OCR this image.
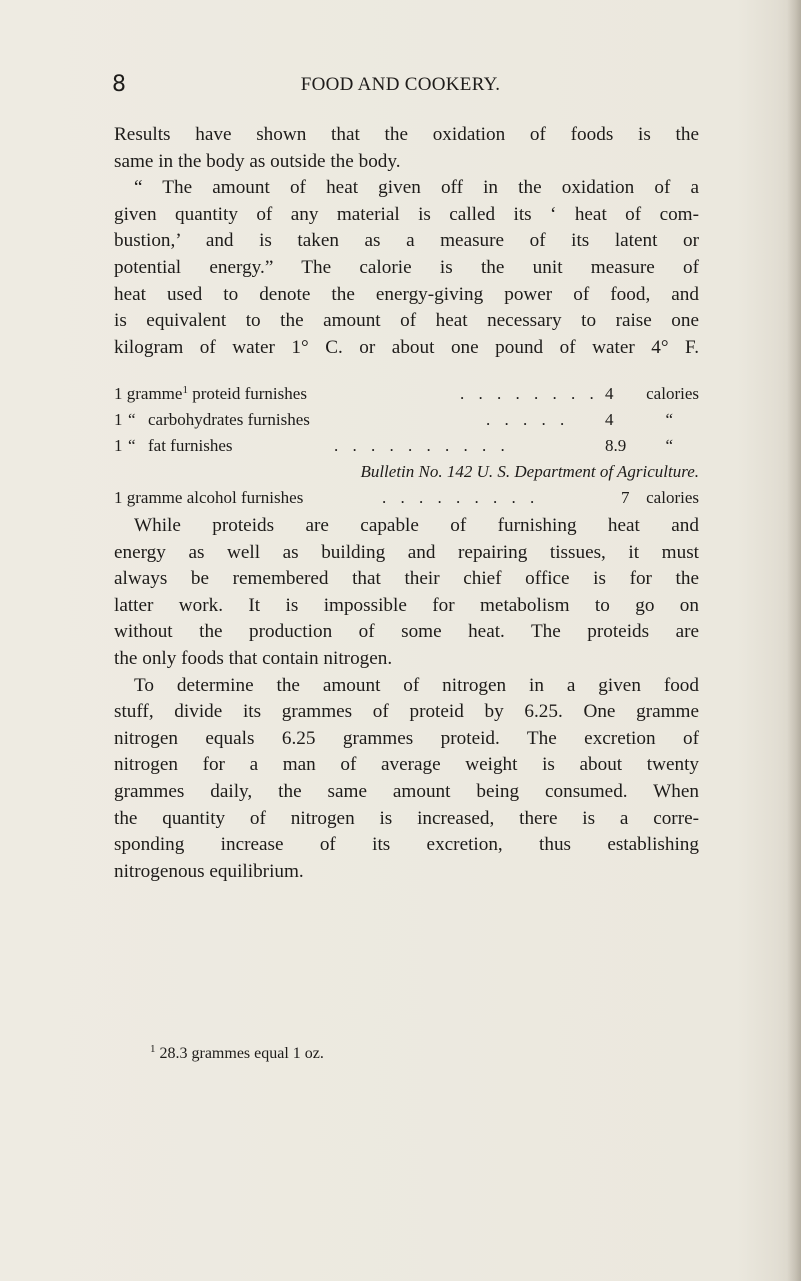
8	FOOD AND COOKERY.
Results have shown that the oxidation of foods is the
same in the body as outside the body.
“ The amount of heat given off in the oxidation of a
given quantity of any material is called its ‘ heat of com-
bustion,’ and is taken as a measure of its latent or
potential energy.” The calorie is the unit measure of
heat used to denote the energy-giving power of food, and
is equivalent to the amount of heat necessary to raise one
kilogram of water 1° C. or about one pound of water 4° F.
1 gramme$^1$ proteid furnishes	. . . . . . . . 4 calories
1 “ carbohydrates furnishes	. . . . . 4	“
1 “ fat furnishes	. . . . . . . . . .	8.9 “
Bulletin No. 142 U. S. Department of Agriculture.
1 gramme alcohol furnishes	. . . . . . . . .	7 calories
While proteids are capable of furnishing heat and
energy as well as building and repairing tissues, it must
always be remembered that their chief office is for the
latter work. It is impossible for metabolism to go on
without the production of some heat. The proteids are
the only foods that contain nitrogen.
To determine the amount of nitrogen in a given food
stuff, divide its grammes of proteid by 6.25. One gramme
nitrogen equals 6.25 grammes proteid. The excretion of
nitrogen for a man of average weight is about twenty
grammes daily, the same amount being consumed. When
the quantity of nitrogen is increased, there is a corre-
sponding increase of its excretion, thus establishing
nitrogenous equilibrium.
$^1$ 28.3 grammes equal 1 oz.
